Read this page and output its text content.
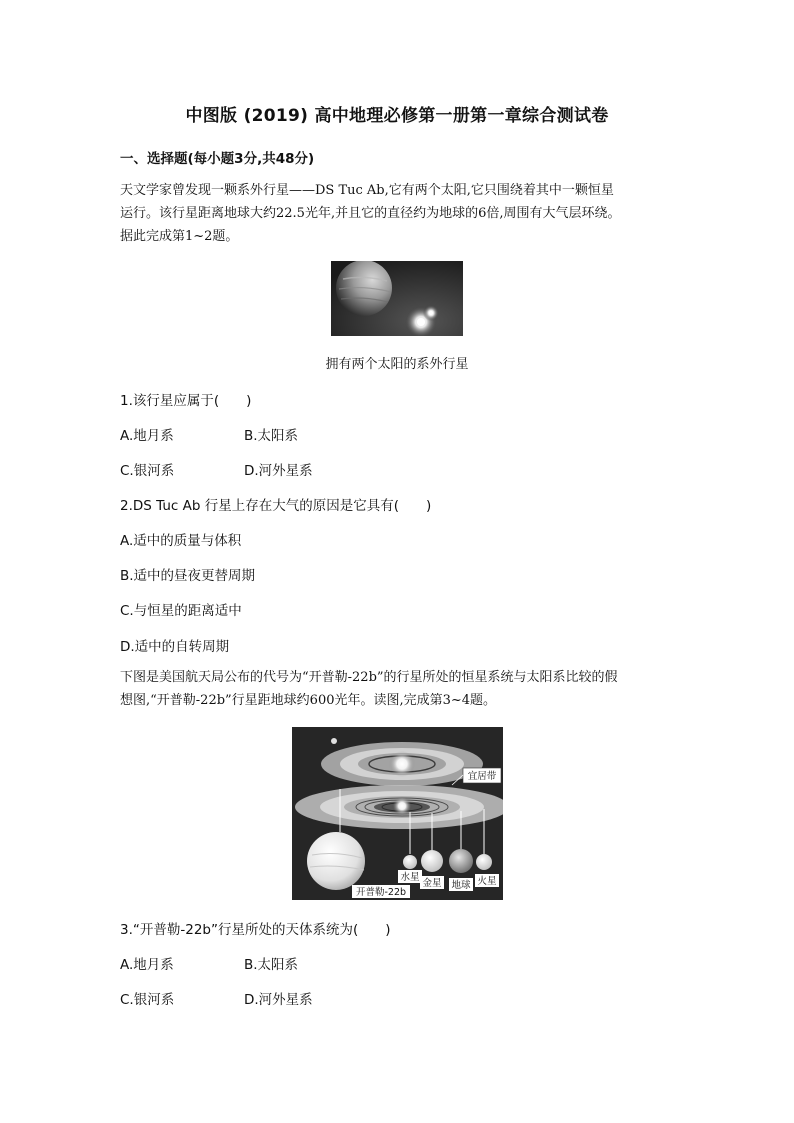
中图版 (2019) 高中地理必修第一册第一章综合测试卷
一、选择题(每小题3分,共48分)
天文学家曾发现一颗系外行星——DS Tuc Ab,它有两个太阳,它只围绕着其中一颗恒星
运行。该行星距离地球大约22.5光年,并且它的直径约为地球的6倍,周围有大气层环绕。
据此完成第1~2题。
拥有两个太阳的系外行星
1.该行星应属于(　　)
A.地月系	B.太阳系
C.银河系	D.河外星系
2.DS Tuc Ab 行星上存在大气的原因是它具有(　　)
A.适中的质量与体积
B.适中的昼夜更替周期
C.与恒星的距离适中
D.适中的自转周期
下图是美国航天局公布的代号为“开普勒-22b”的行星所处的恒星系统与太阳系比较的假
想图,“开普勒-22b”行星距地球约600光年。读图,完成第3~4题。
宜居带
水星
金星 地球 火星
开普勒-22b
3.“开普勒-22b”行星所处的天体系统为(　　)
A.地月系	B.太阳系
C.银河系	D.河外星系
